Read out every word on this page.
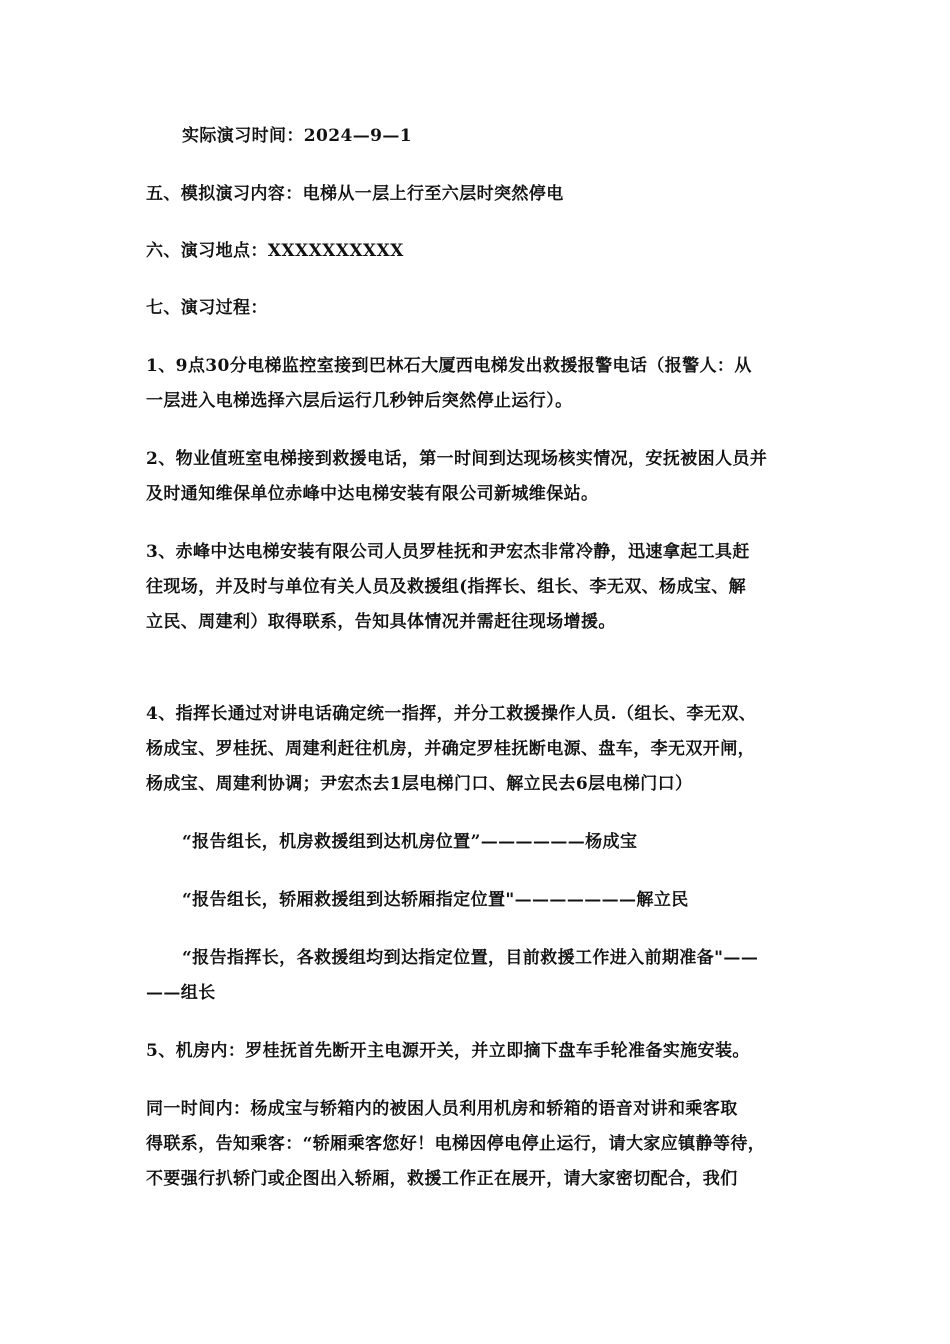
实际演习时间：2024—9—1
五、模拟演习内容：电梯从一层上行至六层时突然停电
六、演习地点：XXXXXXXXXX
七、演习过程：
1、9点30分电梯监控室接到巴林石大厦西电梯发出救援报警电话（报警人：从
一层进入电梯选择六层后运行几秒钟后突然停止运行）。
2、物业值班室电梯接到救援电话，第一时间到达现场核实情况，安抚被困人员并
及时通知维保单位赤峰中达电梯安装有限公司新城维保站。
3、赤峰中达电梯安装有限公司人员罗桂抚和尹宏杰非常冷静，迅速拿起工具赶
往现场，并及时与单位有关人员及救援组(指挥长、组长、李无双、杨成宝、解
立民、周建利）取得联系，告知具体情况并需赶往现场增援。
4、指挥长通过对讲电话确定统一指挥，并分工救援操作人员.（组长、李无双、
杨成宝、罗桂抚、周建利赶往机房，并确定罗桂抚断电源、盘车，李无双开闸，
杨成宝、周建利协调；尹宏杰去1层电梯门口、解立民去6层电梯门口）
“报告组长，机房救援组到达机房位置”——————杨成宝
“报告组长，轿厢救援组到达轿厢指定位置"———————解立民
“报告指挥长，各救援组均到达指定位置，目前救援工作进入前期准备"——
——组长
5、机房内：罗桂抚首先断开主电源开关，并立即摘下盘车手轮准备实施安装。
同一时间内：杨成宝与轿箱内的被困人员利用机房和轿箱的语音对讲和乘客取
得联系，告知乘客：“轿厢乘客您好！电梯因停电停止运行，请大家应镇静等待，
不要强行扒轿门或企图出入轿厢，救援工作正在展开，请大家密切配合，我们
